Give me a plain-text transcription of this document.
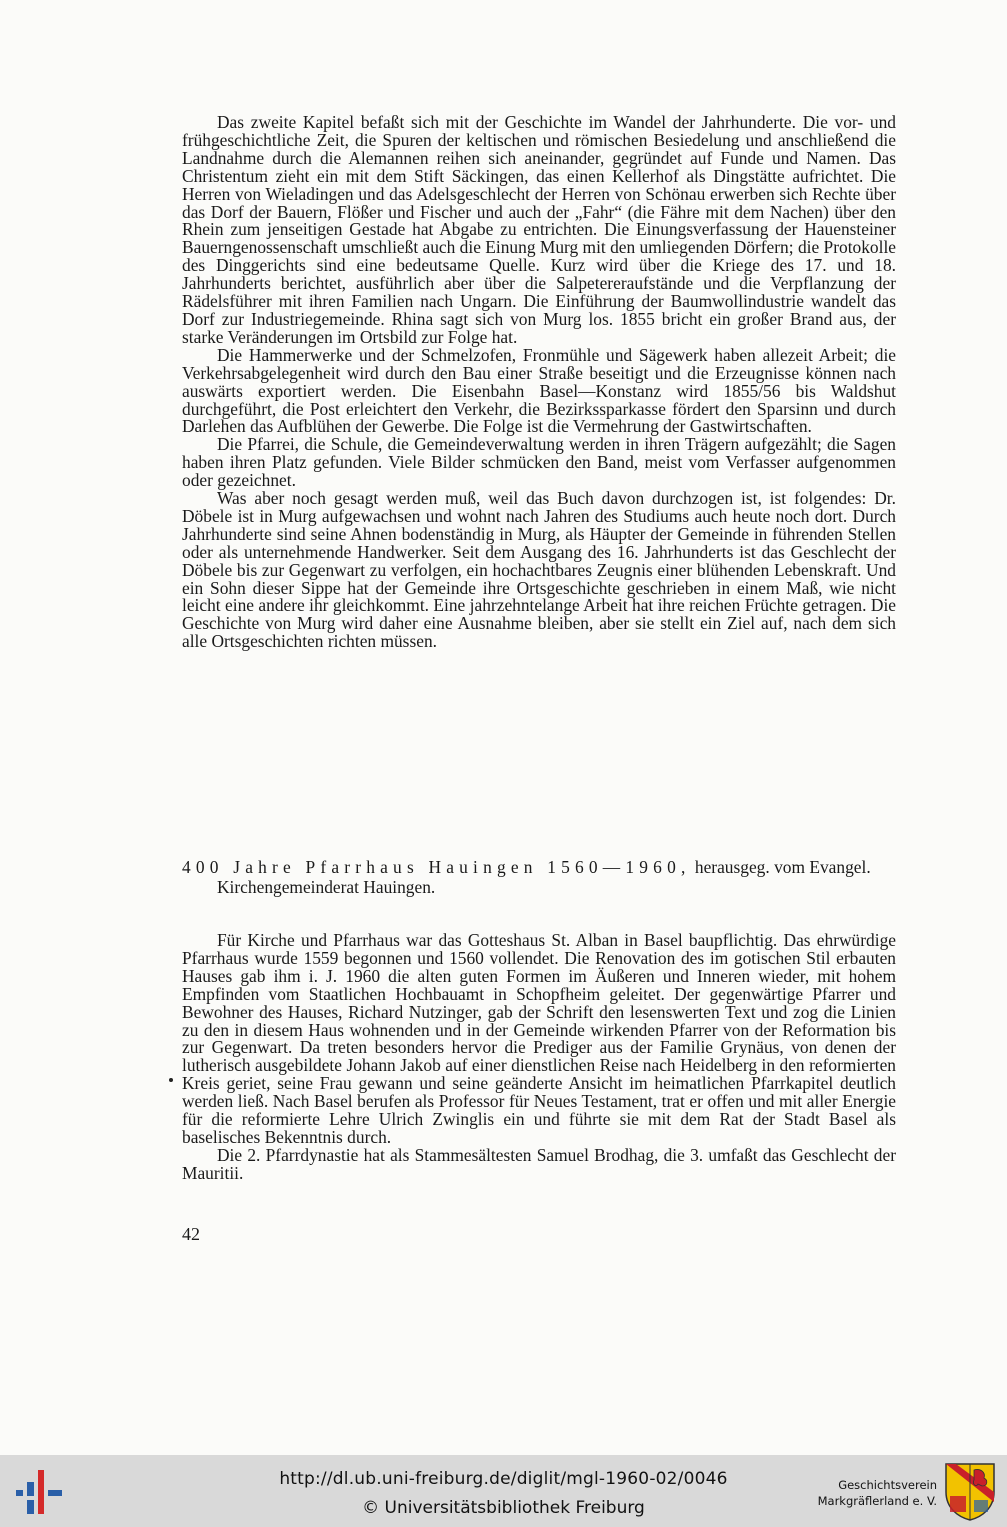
Das zweite Kapitel befaßt sich mit der Geschichte im Wandel der Jahrhunderte. Die vor- und frühgeschichtliche Zeit, die Spuren der keltischen und römischen Besiedelung und anschließend die Landnahme durch die Alemannen reihen sich aneinander, gegründet auf Funde und Namen. Das Christentum zieht ein mit dem Stift Säckingen, das einen Kellerhof als Dingstätte aufrichtet. Die Herren von Wieladingen und das Adelsgeschlecht der Herren von Schönau erwerben sich Rechte über das Dorf der Bauern, Flößer und Fischer und auch der „Fahr“ (die Fähre mit dem Nachen) über den Rhein zum jenseitigen Gestade hat Abgabe zu entrichten. Die Einungsverfassung der Hauensteiner Bauerngenossenschaft umschließt auch die Einung Murg mit den umliegenden Dörfern; die Protokolle des Dinggerichts sind eine bedeutsame Quelle. Kurz wird über die Kriege des 17. und 18. Jahrhunderts berichtet, ausführlich aber über die Salpetereraufstände und die Verpflanzung der Rädelsführer mit ihren Familien nach Ungarn. Die Einführung der Baumwollindustrie wandelt das Dorf zur Industriegemeinde. Rhina sagt sich von Murg los. 1855 bricht ein großer Brand aus, der starke Veränderungen im Ortsbild zur Folge hat.

Die Hammerwerke und der Schmelzofen, Fronmühle und Sägewerk haben allezeit Arbeit; die Verkehrsabgelegenheit wird durch den Bau einer Straße beseitigt und die Erzeugnisse können nach auswärts exportiert werden. Die Eisenbahn Basel—Konstanz wird 1855/56 bis Waldshut durchgeführt, die Post erleichtert den Verkehr, die Bezirkssparkasse fördert den Sparsinn und durch Darlehen das Aufblühen der Gewerbe. Die Folge ist die Vermehrung der Gastwirtschaften.

Die Pfarrei, die Schule, die Gemeindeverwaltung werden in ihren Trägern aufgezählt; die Sagen haben ihren Platz gefunden. Viele Bilder schmücken den Band, meist vom Verfasser aufgenommen oder gezeichnet.

Was aber noch gesagt werden muß, weil das Buch davon durchzogen ist, ist folgendes: Dr. Döbele ist in Murg aufgewachsen und wohnt nach Jahren des Studiums auch heute noch dort. Durch Jahrhunderte sind seine Ahnen bodenständig in Murg, als Häupter der Gemeinde in führenden Stellen oder als unternehmende Handwerker. Seit dem Ausgang des 16. Jahrhunderts ist das Geschlecht der Döbele bis zur Gegenwart zu verfolgen, ein hochachtbares Zeugnis einer blühenden Lebenskraft. Und ein Sohn dieser Sippe hat der Gemeinde ihre Ortsgeschichte geschrieben in einem Maß, wie nicht leicht eine andere ihr gleichkommt. Eine jahrzehntelange Arbeit hat ihre reichen Früchte getragen. Die Geschichte von Murg wird daher eine Ausnahme bleiben, aber sie stellt ein Ziel auf, nach dem sich alle Ortsgeschichten richten müssen.

400 Jahre Pfarrhaus Hauingen 1560—1960, herausgeg. vom Evangel.
Kirchengemeinderat Hauingen.

Für Kirche und Pfarrhaus war das Gotteshaus St. Alban in Basel baupflichtig. Das ehrwürdige Pfarrhaus wurde 1559 begonnen und 1560 vollendet. Die Renovation des im gotischen Stil erbauten Hauses gab ihm i. J. 1960 die alten guten Formen im Äußeren und Inneren wieder, mit hohem Empfinden vom Staatlichen Hochbauamt in Schopfheim geleitet. Der gegenwärtige Pfarrer und Bewohner des Hauses, Richard Nutzinger, gab der Schrift den lesenswerten Text und zog die Linien zu den in diesem Haus wohnenden und in der Gemeinde wirkenden Pfarrer von der Reformation bis zur Gegenwart. Da treten besonders hervor die Prediger aus der Familie Grynäus, von denen der lutherisch ausgebildete Johann Jakob auf einer dienstlichen Reise nach Heidelberg in den reformierten Kreis geriet, seine Frau gewann und seine geänderte Ansicht im heimatlichen Pfarrkapitel deutlich werden ließ. Nach Basel berufen als Professor für Neues Testament, trat er offen und mit aller Energie für die reformierte Lehre Ulrich Zwinglis ein und führte sie mit dem Rat der Stadt Basel als baselisches Bekenntnis durch.

Die 2. Pfarrdynastie hat als Stammesältesten Samuel Brodhag, die 3. umfaßt das Geschlecht der Mauritii.

42
http://dl.ub.uni-freiburg.de/diglit/mgl-1960-02/0046
© Universitätsbibliothek Freiburg
Geschichtsverein
Markgräflerland e. V.
